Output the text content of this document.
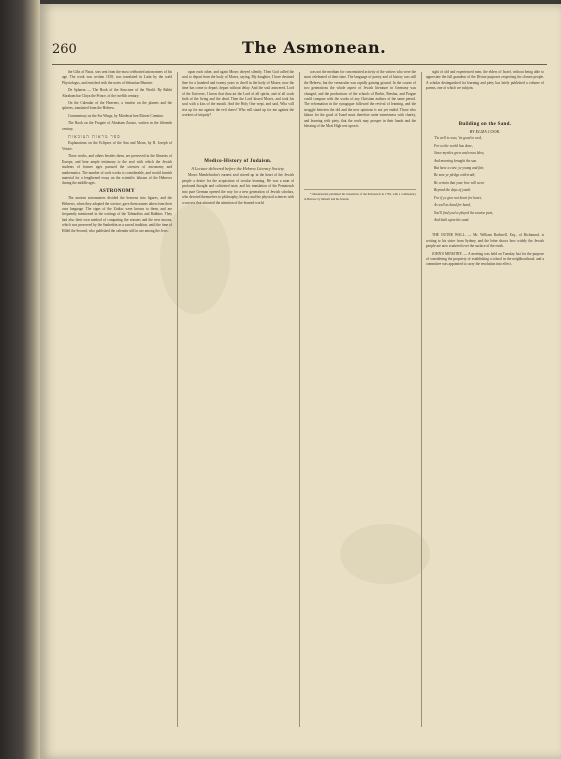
260	The Asmonean.

the Gilts of Nassi, was sent from the most celebrated astronomers of his age. The work was written 1158, was translated in Latin by the wald Physiologus, and enriched with the notes of Sebastian Munster.

De Sphaera — The Book of the Structure of the World. By Rabbi Abraham bar Chiya the Prince, of the twelfth century.

On the Calendar of the Heavens, a treatise on the planets and the spheres, translated from the Hebrew.

Commentary on the Six Wings, by Mordecai ben Eliezer Comtino.

The Book on the Frogate of Abraham Zacuto, written in the fifteenth century.

ספר מראות הצובאות

Explanations on the Eclipses of the Sun and Moon, by R. Joseph of Venice.

These works, and others besides them, are preserved in the libraries of Europe, and bear ample testimony to the zeal with which the Jewish students of former ages pursued the sciences of astronomy and mathematics. The number of such works is considerable, and would furnish material for a lengthened essay on the scientific labours of the Hebrews during the middle ages.

ASTRONOMY

The ancient astronomers divided the heavens into figures, and the Hebrews, when they adopted the science, gave them names taken from their own language. The signs of the Zodiac were known to them, and are frequently mentioned in the writings of the Talmudists and Rabbins. They had also their own method of computing the seasons and the new moons, which was preserved by the Sanhedrin as a sacred tradition, until the time of Hillel the Second, who published the calendar still in use among the Jews.

upon each other, and again Moses obeyed silently. Then God called the soul to depart from the body of Moses, saying, My daughter, I have destined thee for a hundred and twenty years to dwell in the body of Moses; now the time has come to depart, depart without delay. And the soul answered, Lord of the Universe, I know that thou art the Lord of all spirits, and of all souls both of the living and the dead. Then the Lord kissed Moses, and took his soul with a kiss of the mouth. And the Holy One wept, and said, Who will rise up for me against the evil doers? Who will stand up for me against the workers of iniquity?

Medico-History of Judaism.

A Lecture delivered before the Hebrew Literary Society.

Moses Mendelssohn's earnest zeal stirred up in the heart of the Jewish people a desire for the acquisition of secular learning. He was a man of profound thought and cultivated taste, and his translation of the Pentateuch into pure German opened the way for a new generation of Jewish scholars, who devoted themselves to philosophy, history and the physical sciences with a success that attracted the attention of the learned world.

was not the medium for concentrated activity of the writers who were the most celebrated of their time. The language of poetry and of history was still the Hebrew, but the vernacular was rapidly gaining ground. In the course of two generations the whole aspect of Jewish literature in Germany was changed, and the productions of the schools of Berlin, Breslau, and Prague could compare with the works of any Christian authors of the same period. The reformation in the synagogue followed the revival of learning, and the struggle between the old and the new opinions is not yet ended. Those who labour for the good of Israel must therefore unite earnestness with charity, and learning with piety, that the work may prosper in their hands and the blessing of the Most High rest upon it.

* Mendelssohn published his translation of the Pentateuch in 1783, with a commentary in Hebrew by himself and his friends.

sight of old and experienced men, the elders of Israel, without being able to appreciate the full grandeur of the Divine purposes respecting his chosen people. A scholar distinguished for learning and piety has lately published a volume of poems, one of which we subjoin.

Building on the Sand.

BY ELIZA COOK.

'Tis well to woo, 'tis good to wed,

For so the world has done,

Since myrtles grew and roses blew,

And morning brought the sun.

But have a care, ye young and fair,

Be sure ye pledge with truth;

Be certain that your love will wear

Beyond the days of youth.

For if ye give not heart for heart,

As well as hand for hand,

You'll find you've played the unwise part,

And built upon the sand.

THE OUTER WALL. — Mr. William Rothwell, Esq., of Richmond, is writing to his sister from Sydney, and the letter shows how widely the Jewish people are now scattered over the surface of the earth.

JOHN'S MINISTRY. — A meeting was held on Tuesday last for the purpose of considering the propriety of establishing a school in the neighbourhood, and a committee was appointed to carry the resolution into effect.
